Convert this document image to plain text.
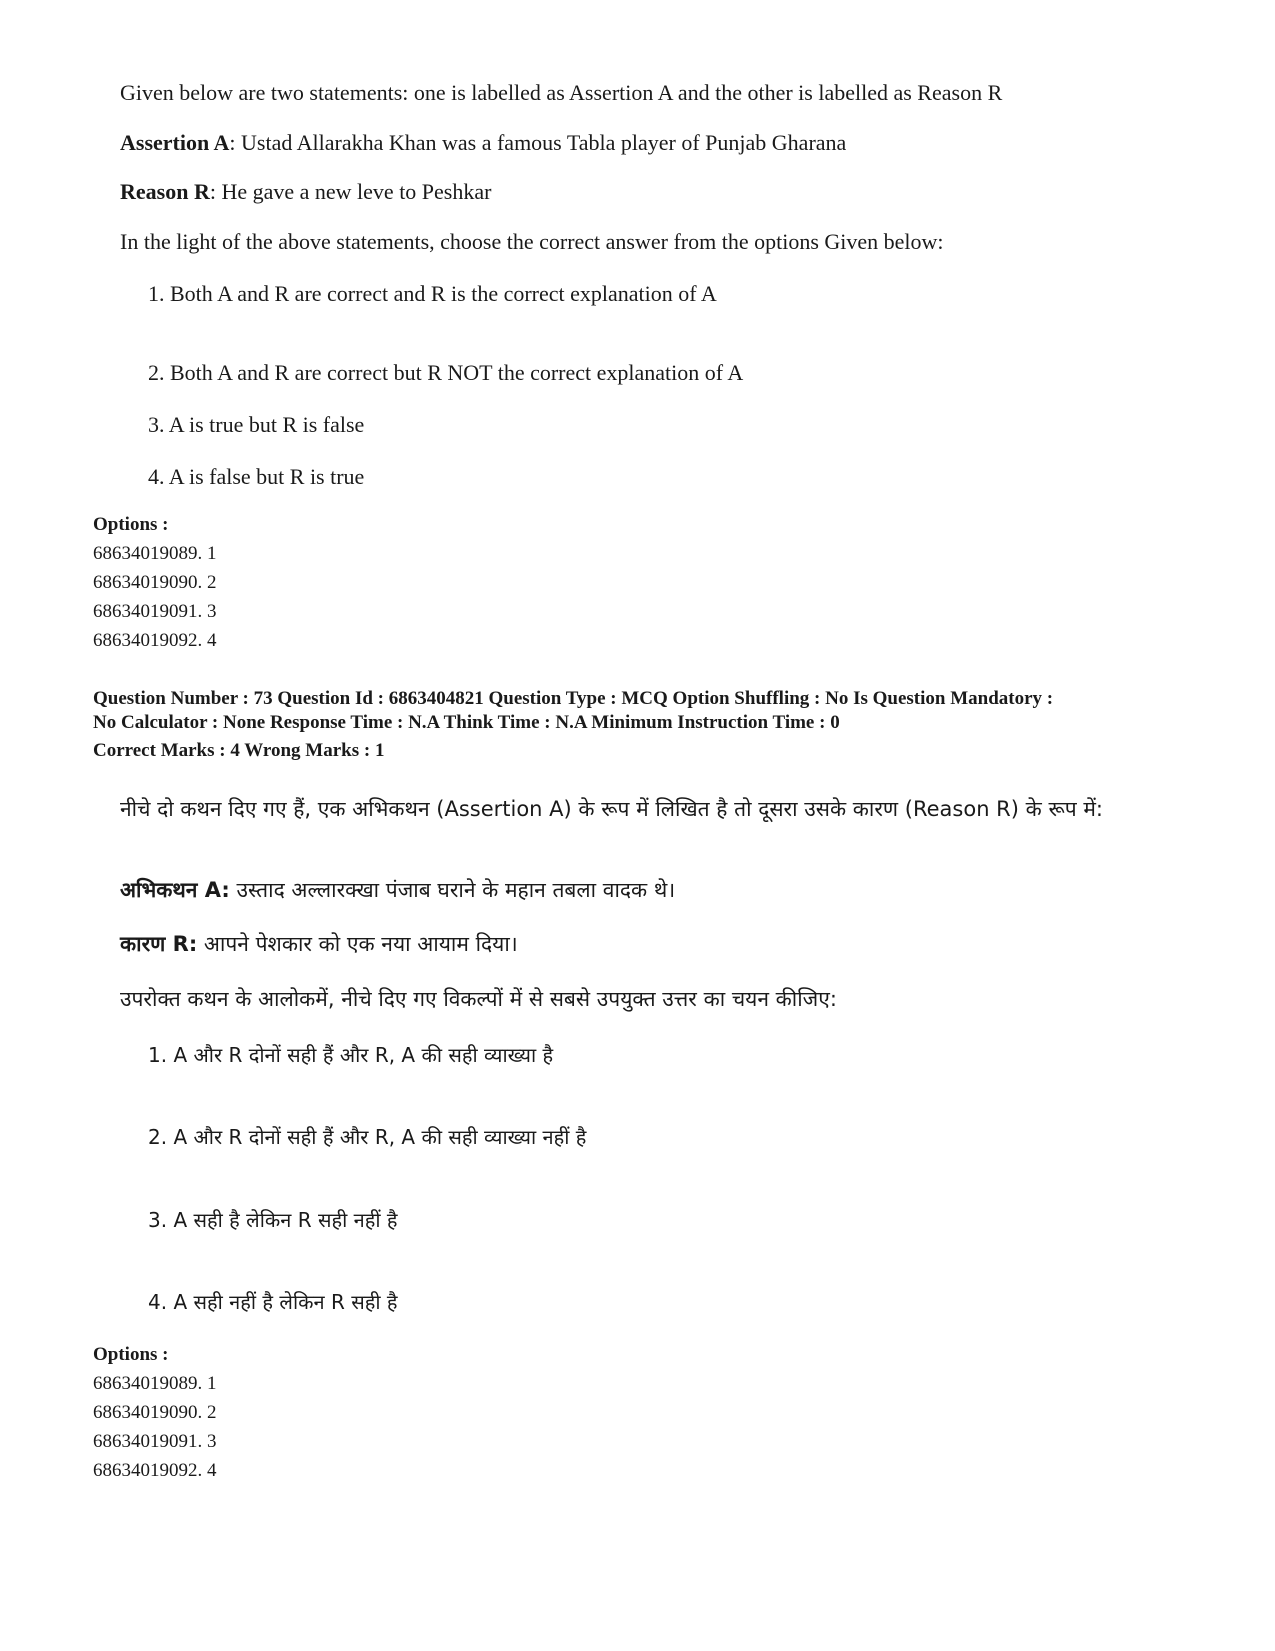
Given below are two statements: one is labelled as Assertion A and the other is labelled as Reason R
Assertion A: Ustad Allarakha Khan was a famous Tabla player of Punjab Gharana
Reason R: He gave a new leve to Peshkar
In the light of the above statements, choose the correct answer from the options Given below:
1. Both A and R are correct and R is the correct explanation of A
2. Both A and R are correct but R NOT the correct explanation of A
3. A is true but R is false
4. A is false but R is true
Options :
68634019089. 1
68634019090. 2
68634019091. 3
68634019092. 4
Question Number : 73 Question Id : 6863404821 Question Type : MCQ Option Shuffling : No Is Question Mandatory :
No Calculator : None Response Time : N.A Think Time : N.A Minimum Instruction Time : 0
Correct Marks : 4 Wrong Marks : 1
नीचे दो कथन दिए गए हैं, एक अभिकथन (Assertion A) के रूप में लिखित है तो दूसरा उसके कारण (Reason R) के रूप में:
अभिकथन A: उस्ताद अल्लारक्खा पंजाब घराने के महान तबला वादक थे।
कारण R: आपने पेशकार को एक नया आयाम दिया।
उपरोक्त कथन के आलोकमें, नीचे दिए गए विकल्पों में से सबसे उपयुक्त उत्तर का चयन कीजिए:
1. A और R दोनों सही हैं और R, A की सही व्याख्या है
2. A और R दोनों सही हैं और R, A की सही व्याख्या नहीं है
3. A सही है लेकिन R सही नहीं है
4. A सही नहीं है लेकिन R सही है
Options :
68634019089. 1
68634019090. 2
68634019091. 3
68634019092. 4
